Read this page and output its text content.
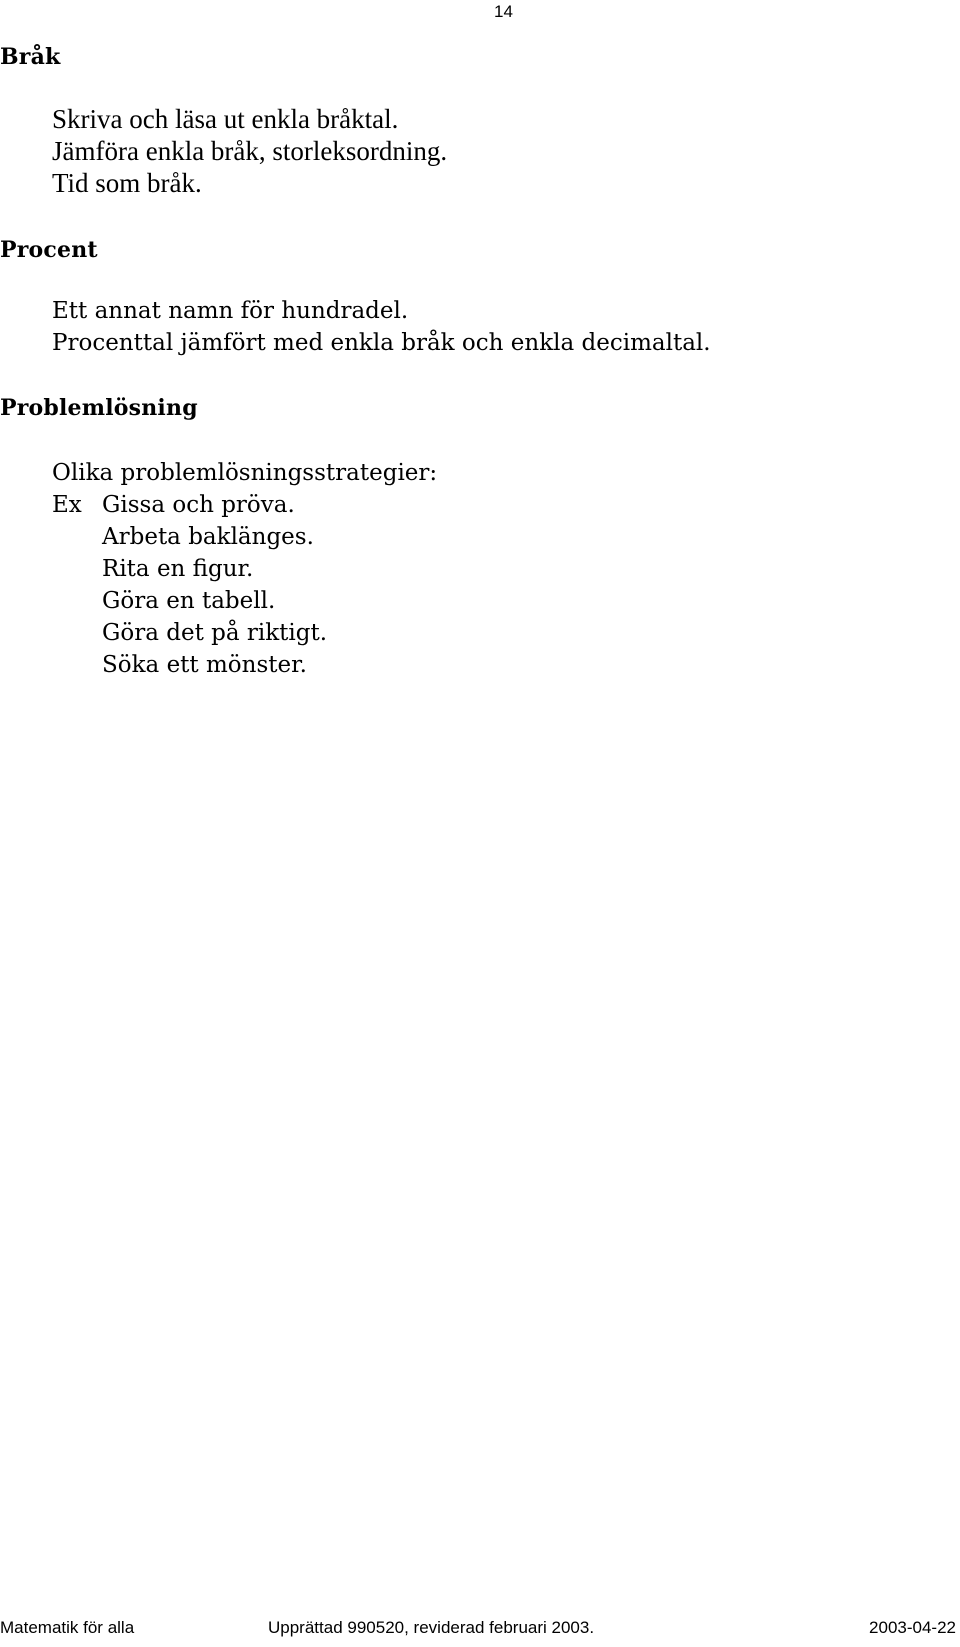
14
Bråk
Skriva och läsa ut enkla bråktal.
Jämföra enkla bråk, storleksordning.
Tid som bråk.
Procent
Ett annat namn för hundradel.
Procenttal jämfört med enkla bråk och enkla decimaltal.
Problemlösning
Olika problemlösningsstrategier:
Ex Gissa och pröva.
Arbeta baklänges.
Rita en figur.
Göra en tabell.
Göra det på riktigt.
Söka ett mönster.
Matematik för alla	Upprättad 990520, reviderad februari 2003.	2003-04-22
